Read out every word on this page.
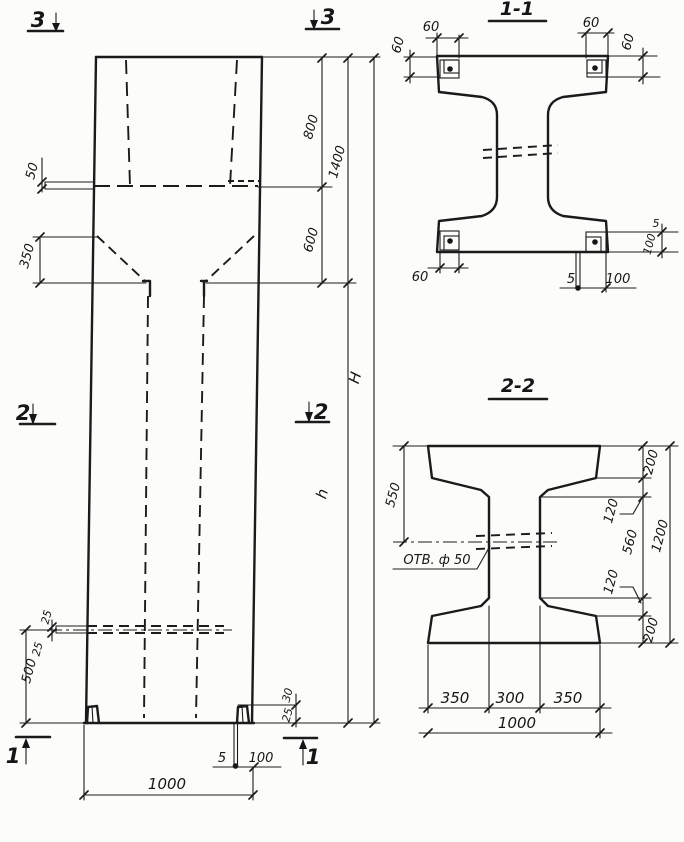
50
350
800
1400
600
H
h
25
25
500
30
25
5 100
1000
3	3
2	2
1	1
1-1
60
60
60
60
60
5
100
5 100
2-2
550
ОТВ. ф 50
200
120
560
120
200
1200
350 300 350
1000
